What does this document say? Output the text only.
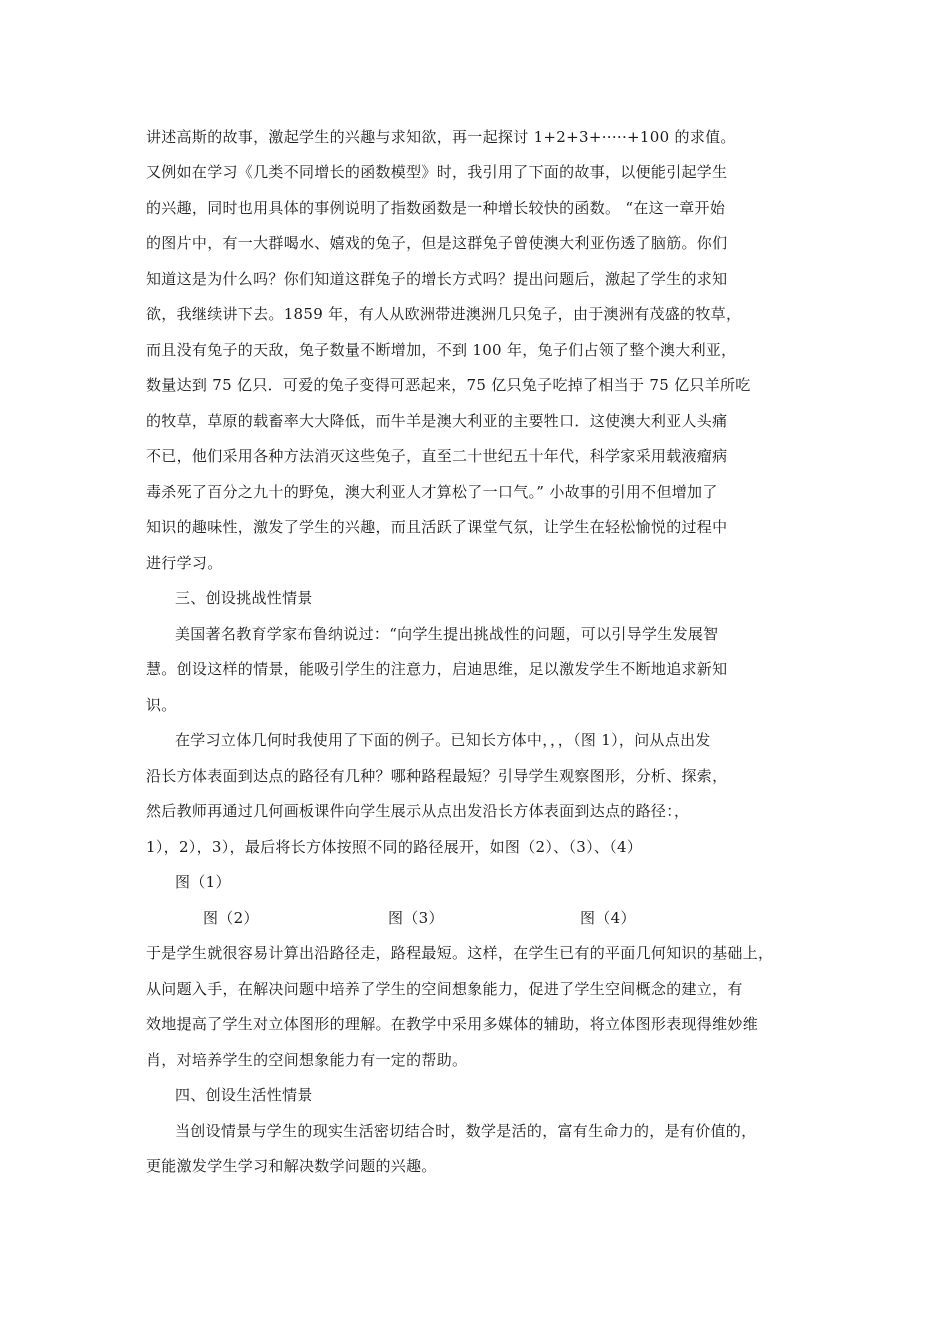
讲述高斯的故事，激起学生的兴趣与求知欲，再一起探讨 1+2+3+·····+100 的求值。
又例如在学习《几类不同增长的函数模型》时，我引用了下面的故事，以便能引起学生
的兴趣，同时也用具体的事例说明了指数函数是一种增长较快的函数。 “在这一章开始
的图片中，有一大群喝水、嬉戏的兔子，但是这群兔子曾使澳大利亚伤透了脑筋。你们
知道这是为什么吗？你们知道这群兔子的增长方式吗？提出问题后，激起了学生的求知
欲，我继续讲下去。1859 年，有人从欧洲带进澳洲几只兔子，由于澳洲有茂盛的牧草，
而且没有兔子的天敌，兔子数量不断增加，不到 100 年，兔子们占领了整个澳大利亚，
数量达到 75 亿只．可爱的兔子变得可恶起来，75 亿只兔子吃掉了相当于 75 亿只羊所吃
的牧草，草原的载畜率大大降低，而牛羊是澳大利亚的主要牲口．这使澳大利亚人头痛
不已，他们采用各种方法消灭这些兔子，直至二十世纪五十年代，科学家采用载液瘤病
毒杀死了百分之九十的野兔，澳大利亚人才算松了一口气。” 小故事的引用不但增加了
知识的趣味性，激发了学生的兴趣，而且活跃了课堂气氛，让学生在轻松愉悦的过程中
进行学习。
三、创设挑战性情景
美国著名教育学家布鲁纳说过：“向学生提出挑战性的问题，可以引导学生发展智
慧。创设这样的情景，能吸引学生的注意力，启迪思维，足以激发学生不断地追求新知
识。
在学习立体几何时我使用了下面的例子。已知长方体中，，，（图 1），问从点出发
沿长方体表面到达点的路径有几种？哪种路程最短？引导学生观察图形，分析、探索，
然后教师再通过几何画板课件向学生展示从点出发沿长方体表面到达点的路径：，
1），2），3），最后将长方体按照不同的路径展开，如图（2）、（3）、（4）
图（1）
图（2）	图（3）	图（4）
于是学生就很容易计算出沿路径走，路程最短。这样，在学生已有的平面几何知识的基础上，
从问题入手，在解决问题中培养了学生的空间想象能力，促进了学生空间概念的建立，有
效地提高了学生对立体图形的理解。在教学中采用多媒体的辅助，将立体图形表现得维妙维
肖，对培养学生的空间想象能力有一定的帮助。
四、创设生活性情景
当创设情景与学生的现实生活密切结合时，数学是活的，富有生命力的，是有价值的，
更能激发学生学习和解决数学问题的兴趣。
